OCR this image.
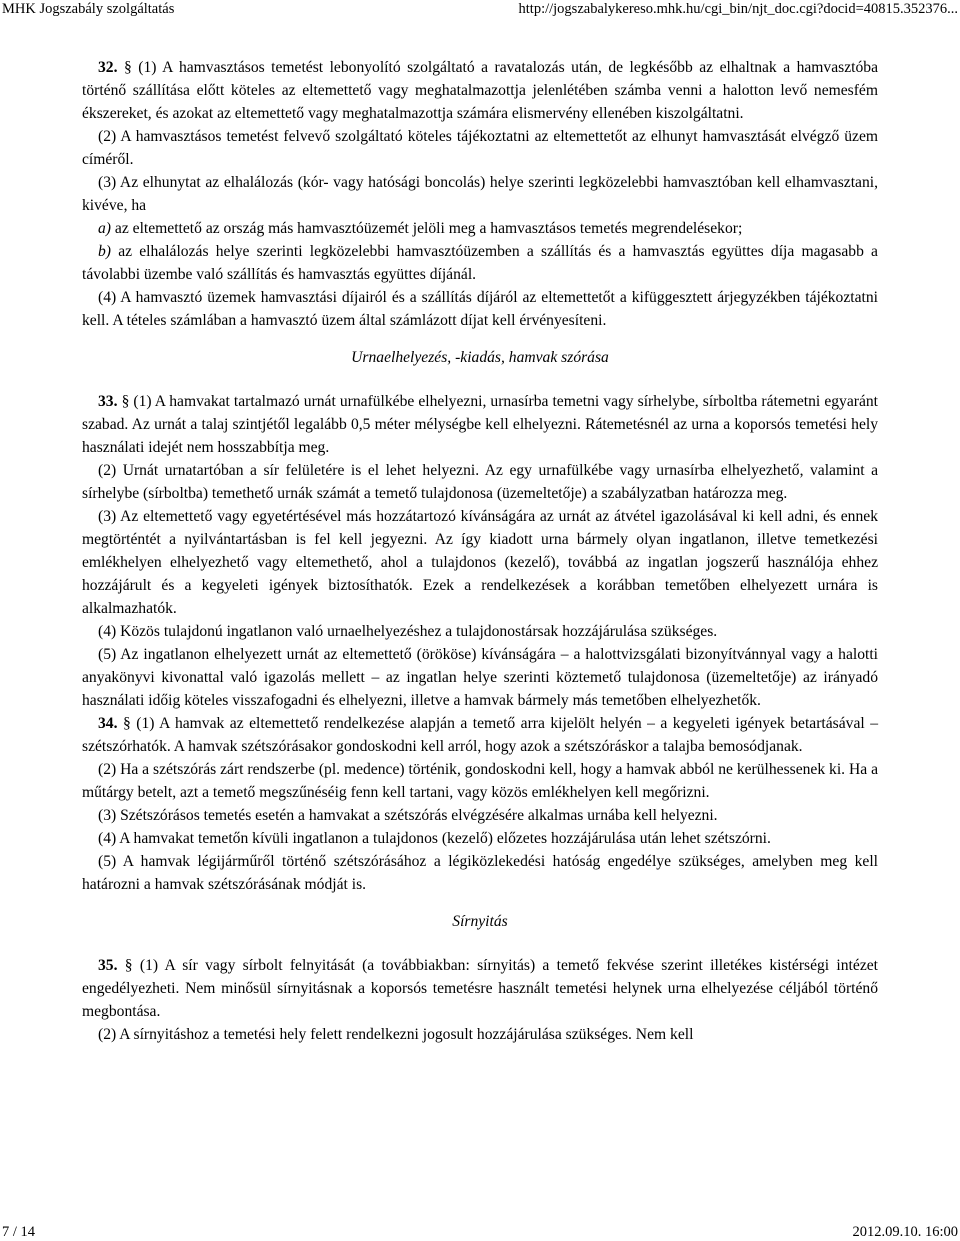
MHK Jogszabály szolgáltatás	http://jogszabalykereso.mhk.hu/cgi_bin/njt_doc.cgi?docid=40815.352376...

32. § (1) A hamvasztásos temetést lebonyolító szolgáltató a ravatalozás után, de legkésőbb az elhaltnak a hamvasztóba történő szállítása előtt köteles az eltemettető vagy meghatalmazottja jelenlétében számba venni a halotton levő nemesfém ékszereket, és azokat az eltemettető vagy meghatalmazottja számára elismervény ellenében kiszolgáltatni.

(2) A hamvasztásos temetést felvevő szolgáltató köteles tájékoztatni az eltemettetőt az elhunyt hamvasztását elvégző üzem címéről.

(3) Az elhunytat az elhalálozás (kór- vagy hatósági boncolás) helye szerinti legközelebbi hamvasztóban kell elhamvasztani, kivéve, ha

a) az eltemettető az ország más hamvasztóüzemét jelöli meg a hamvasztásos temetés megrendelésekor;

b) az elhalálozás helye szerinti legközelebbi hamvasztóüzemben a szállítás és a hamvasztás együttes díja magasabb a távolabbi üzembe való szállítás és hamvasztás együttes díjánál.

(4) A hamvasztó üzemek hamvasztási díjairól és a szállítás díjáról az eltemettetőt a kifüggesztett árjegyzékben tájékoztatni kell. A tételes számlában a hamvasztó üzem által számlázott díjat kell érvényesíteni.

Urnaelhelyezés, -kiadás, hamvak szórása

33. § (1) A hamvakat tartalmazó urnát urnafülkébe elhelyezni, urnasírba temetni vagy sírhelybe, sírboltba rátemetni egyaránt szabad. Az urnát a talaj szintjétől legalább 0,5 méter mélységbe kell elhelyezni. Rátemetésnél az urna a koporsós temetési hely használati idejét nem hosszabbítja meg.

(2) Urnát urnatartóban a sír felületére is el lehet helyezni. Az egy urnafülkébe vagy urnasírba elhelyezhető, valamint a sírhelybe (sírboltba) temethető urnák számát a temető tulajdonosa (üzemeltetője) a szabályzatban határozza meg.

(3) Az eltemettető vagy egyetértésével más hozzátartozó kívánságára az urnát az átvétel igazolásával ki kell adni, és ennek megtörténtét a nyilvántartásban is fel kell jegyezni. Az így kiadott urna bármely olyan ingatlanon, illetve temetkezési emlékhelyen elhelyezhető vagy eltemethető, ahol a tulajdonos (kezelő), továbbá az ingatlan jogszerű használója ehhez hozzájárult és a kegyeleti igények biztosíthatók. Ezek a rendelkezések a korábban temetőben elhelyezett urnára is alkalmazhatók.

(4) Közös tulajdonú ingatlanon való urnaelhelyezéshez a tulajdonostársak hozzájárulása szükséges.

(5) Az ingatlanon elhelyezett urnát az eltemettető (örököse) kívánságára – a halottvizsgálati bizonyítvánnyal vagy a halotti anyakönyvi kivonattal való igazolás mellett – az ingatlan helye szerinti köztemető tulajdonosa (üzemeltetője) az irányadó használati időig köteles visszafogadni és elhelyezni, illetve a hamvak bármely más temetőben elhelyezhetők.

34. § (1) A hamvak az eltemettető rendelkezése alapján a temető arra kijelölt helyén – a kegyeleti igények betartásával – szétszórhatók. A hamvak szétszórásakor gondoskodni kell arról, hogy azok a szétszóráskor a talajba bemosódjanak.

(2) Ha a szétszórás zárt rendszerbe (pl. medence) történik, gondoskodni kell, hogy a hamvak abból ne kerülhessenek ki. Ha a műtárgy betelt, azt a temető megszűnéséig fenn kell tartani, vagy közös emlékhelyen kell megőrizni.

(3) Szétszórásos temetés esetén a hamvakat a szétszórás elvégzésére alkalmas urnába kell helyezni.

(4) A hamvakat temetőn kívüli ingatlanon a tulajdonos (kezelő) előzetes hozzájárulása után lehet szétszórni.

(5) A hamvak légijárműről történő szétszórásához a légiközlekedési hatóság engedélye szükséges, amelyben meg kell határozni a hamvak szétszórásának módját is.

Sírnyitás

35. § (1) A sír vagy sírbolt felnyitását (a továbbiakban: sírnyitás) a temető fekvése szerint illetékes kistérségi intézet engedélyezheti. Nem minősül sírnyitásnak a koporsós temetésre használt temetési helynek urna elhelyezése céljából történő megbontása.

(2) A sírnyitáshoz a temetési hely felett rendelkezni jogosult hozzájárulása szükséges. Nem kell

7 / 14	2012.09.10. 16:00
